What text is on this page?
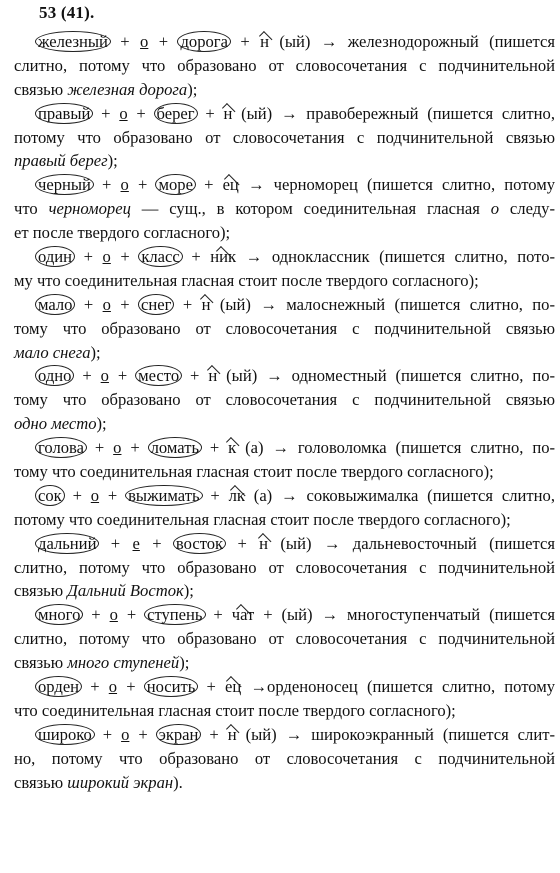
53 (41).
железный + о + дорога + н (ый) → железнодорожный (пишется
слитно, потому что образовано от словосочетания с подчинительной
связью железная дорога);
правый + о + берег + н (ый) → правобережный (пишется слитно,
потому что образовано от словосочетания с подчинительной связью
правый берег);
черный + о + море + ец → черноморец (пишется слитно, потому
что черноморец — сущ., в котором соединительная гласная о следу-
ет после твердого согласного);
один + о + класс + ник → одноклассник (пишется слитно, пото-
му что соединительная гласная стоит после твердого согласного);
мало + о + снег + н (ый) → малоснежный (пишется слитно, по-
тому что образовано от словосочетания с подчинительной связью
мало снега);
одно + о + место + н (ый) → одноместный (пишется слитно, по-
тому что образовано от словосочетания с подчинительной связью
одно место);
голова + о + ломать + к (а) → головоломка (пишется слитно, по-
тому что соединительная гласная стоит после твердого согласного);
сок + о + выжимать + лк (а) → соковыжималка (пишется слитно,
потому что соединительная гласная стоит после твердого согласного);
дальний + е + восток + н (ый) → дальневосточный (пишется
слитно, потому что образовано от словосочетания с подчинительной
связью Дальний Восток);
много + о + ступень + чат + (ый) → многоступенчатый (пишется
слитно, потому что образовано от словосочетания с подчинительной
связью много ступеней);
орден + о + носить + ец →орденоносец (пишется слитно, потому
что соединительная гласная стоит после твердого согласного);
широко + о + экран + н (ый) → широкоэкранный (пишется слит-
но, потому что образовано от словосочетания с подчинительной
связью широкий экран).
